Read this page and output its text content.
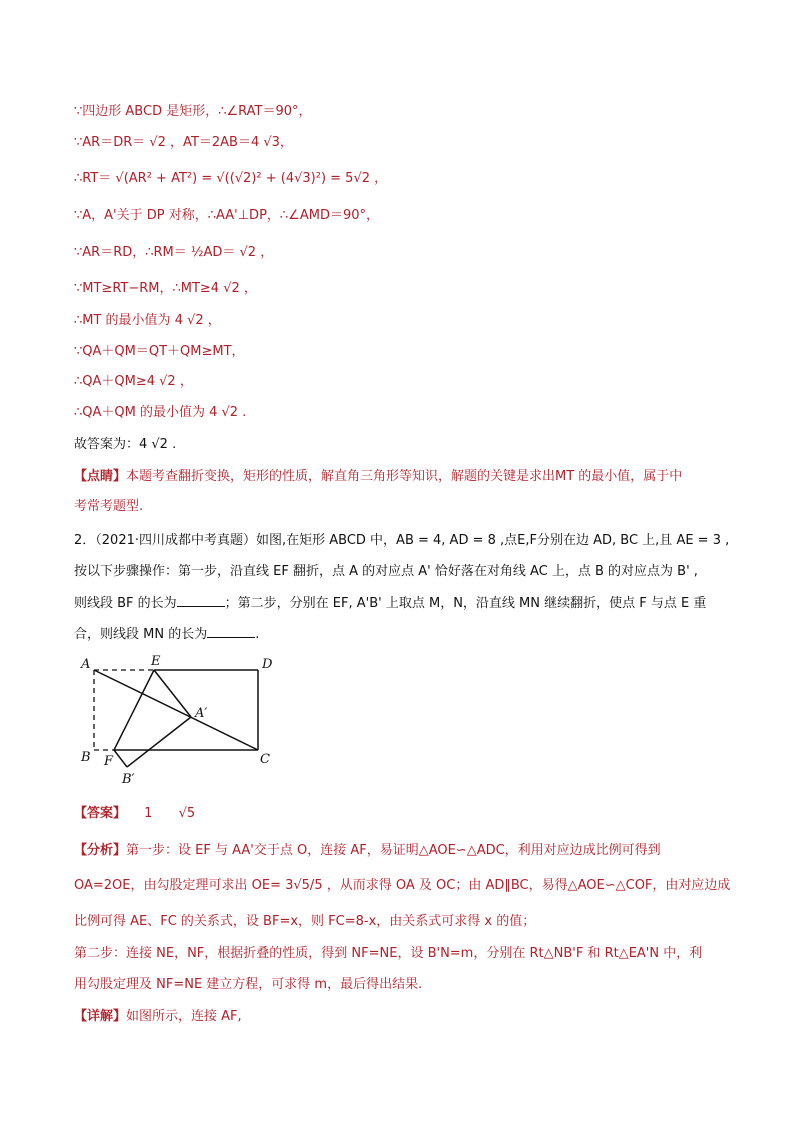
∵四边形 ABCD 是矩形，∴∠RAT＝90°，
∵AR＝DR＝ √2 ，AT＝2AB＝4 √3，
∴RT＝ √(AR² + AT²) = √((√2)² + (4√3)²) = 5√2 ，
∵A，A'关于 DP 对称，∴AA'⊥DP，∴∠AMD＝90°，
∵AR＝RD，∴RM＝ ½AD＝ √2 ，
∵MT≥RT−RM，∴MT≥4 √2 ，
∴MT 的最小值为 4 √2 ，
∵QA＋QM＝QT＋QM≥MT，
∴QA＋QM≥4 √2 ，
∴QA＋QM 的最小值为 4 √2 .
故答案为：4 √2 .
【点睛】本题考查翻折变换，矩形的性质，解直角三角形等知识，解题的关键是求出MT 的最小值，属于中
考常考题型.
2．（2021·四川成都中考真题）如图,在矩形 ABCD 中，AB = 4, AD = 8 ,点E,F分别在边 AD, BC 上,且 AE = 3 ,
按以下步骤操作：第一步，沿直线 EF 翻折，点 A 的对应点 A' 恰好落在对角线 AC 上，点 B 的对应点为 B' ,
则线段 BF 的长为	；第二步，分别在 EF, A'B' 上取点 M，N，沿直线 MN 继续翻折，使点 F 与点 E 重
合，则线段 MN 的长为	.
A	E	D
A′
B F	C
B′
【答案】 1 √5
【分析】第一步：设 EF 与 AA'交于点 O，连接 AF，易证明△AOE∽△ADC，利用对应边成比例可得到
OA=2OE，由勾股定理可求出 OE= 3√5/5 ，从而求得 OA 及 OC；由 AD∥BC，易得△AOE∽△COF，由对应边成
比例可得 AE、FC 的关系式，设 BF=x，则 FC=8-x，由关系式可求得 x 的值；
第二步：连接 NE，NF，根据折叠的性质，得到 NF=NE，设 B'N=m，分别在 Rt△NB'F 和 Rt△EA'N 中，利
用勾股定理及 NF=NE 建立方程，可求得 m，最后得出结果.
【详解】如图所示，连接 AF,
